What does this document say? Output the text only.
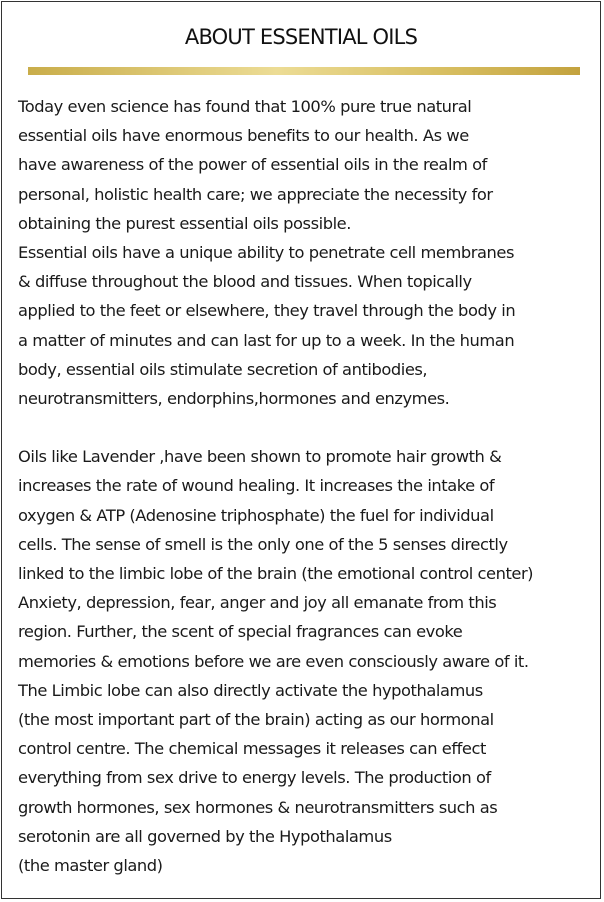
ABOUT ESSENTIAL OILS
Today even science has found that 100% pure true natural
essential oils have enormous benefits to our health. As we
have awareness of the power of essential oils in the realm of
personal, holistic health care; we appreciate the necessity for
obtaining the purest essential oils possible.
Essential oils have a unique ability to penetrate cell membranes
& diffuse throughout the blood and tissues. When topically
applied to the feet or elsewhere, they travel through the body in
a matter of minutes and can last for up to a week. In the human
body, essential oils stimulate secretion of antibodies,
neurotransmitters, endorphins,hormones and enzymes.
Oils like Lavender ,have been shown to promote hair growth &
increases the rate of wound healing. It increases the intake of
oxygen & ATP (Adenosine triphosphate) the fuel for individual
cells. The sense of smell is the only one of the 5 senses directly
linked to the limbic lobe of the brain (the emotional control center)
Anxiety, depression, fear, anger and joy all emanate from this
region. Further, the scent of special fragrances can evoke
memories & emotions before we are even consciously aware of it.
The Limbic lobe can also directly activate the hypothalamus
(the most important part of the brain) acting as our hormonal
control centre. The chemical messages it releases can effect
everything from sex drive to energy levels. The production of
growth hormones, sex hormones & neurotransmitters such as
serotonin are all governed by the Hypothalamus
(the master gland)
